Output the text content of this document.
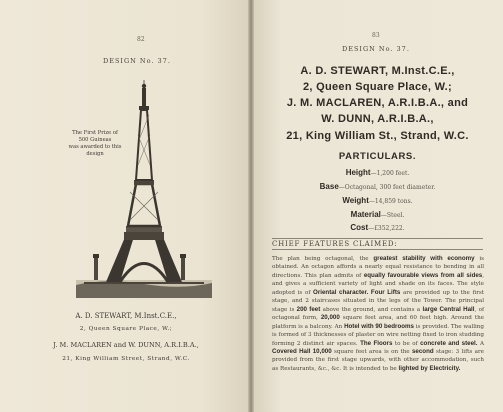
82
DESIGN No. 37.
The First Prize of
500 Guineas
was awarded to this
design
A. D. STEWART, M.Inst.C.E.,
2, Queen Square Place, W.;
J. M. MACLAREN and W. DUNN, A.R.I.B.A.,
21, King William Street, Strand, W.C.
83
DESIGN No. 37.
A. D. STEWART, M.Inst.C.E.,
2, Queen Square Place, W.;
J. M. MACLAREN, A.R.I.B.A., and
W. DUNN, A.R.I.B.A.,
21, King William St., Strand, W.C.
PARTICULARS.
Height—1,200 feet.
Base—Octagonal, 300 feet diameter.
Weight—14,859 tons.
Material—Steel.
Cost—£352,222.
CHIEF FEATURES CLAIMED:
The plan being octagonal, the greatest stability with economy is obtained. An octagon affords a nearly equal resistance to bending in all directions. This plan admits of equally favourable views from all sides, and gives a sufficient variety of light and shade on its faces. The style adopted is of Oriental character. Four Lifts are provided up to the first stage, and 2 staircases situated in the legs of the Tower. The principal stage is 200 feet above the ground, and contains a large Central Hall, of octagonal form, 20,000 square feet area, and 60 feet high. Around the platform is a balcony. An Hotel with 90 bedrooms is provided. The walling is formed of 3 thicknesses of plaster on wire netting fixed to iron studding forming 2 distinct air spaces. The Floors to be of concrete and steel. A Covered Hall 10,000 square feet area is on the second stage: 3 lifts are provided from the first stage upwards, with other accommodation, such as Restaurants, &c., &c. It is intended to be lighted by Electricity.
